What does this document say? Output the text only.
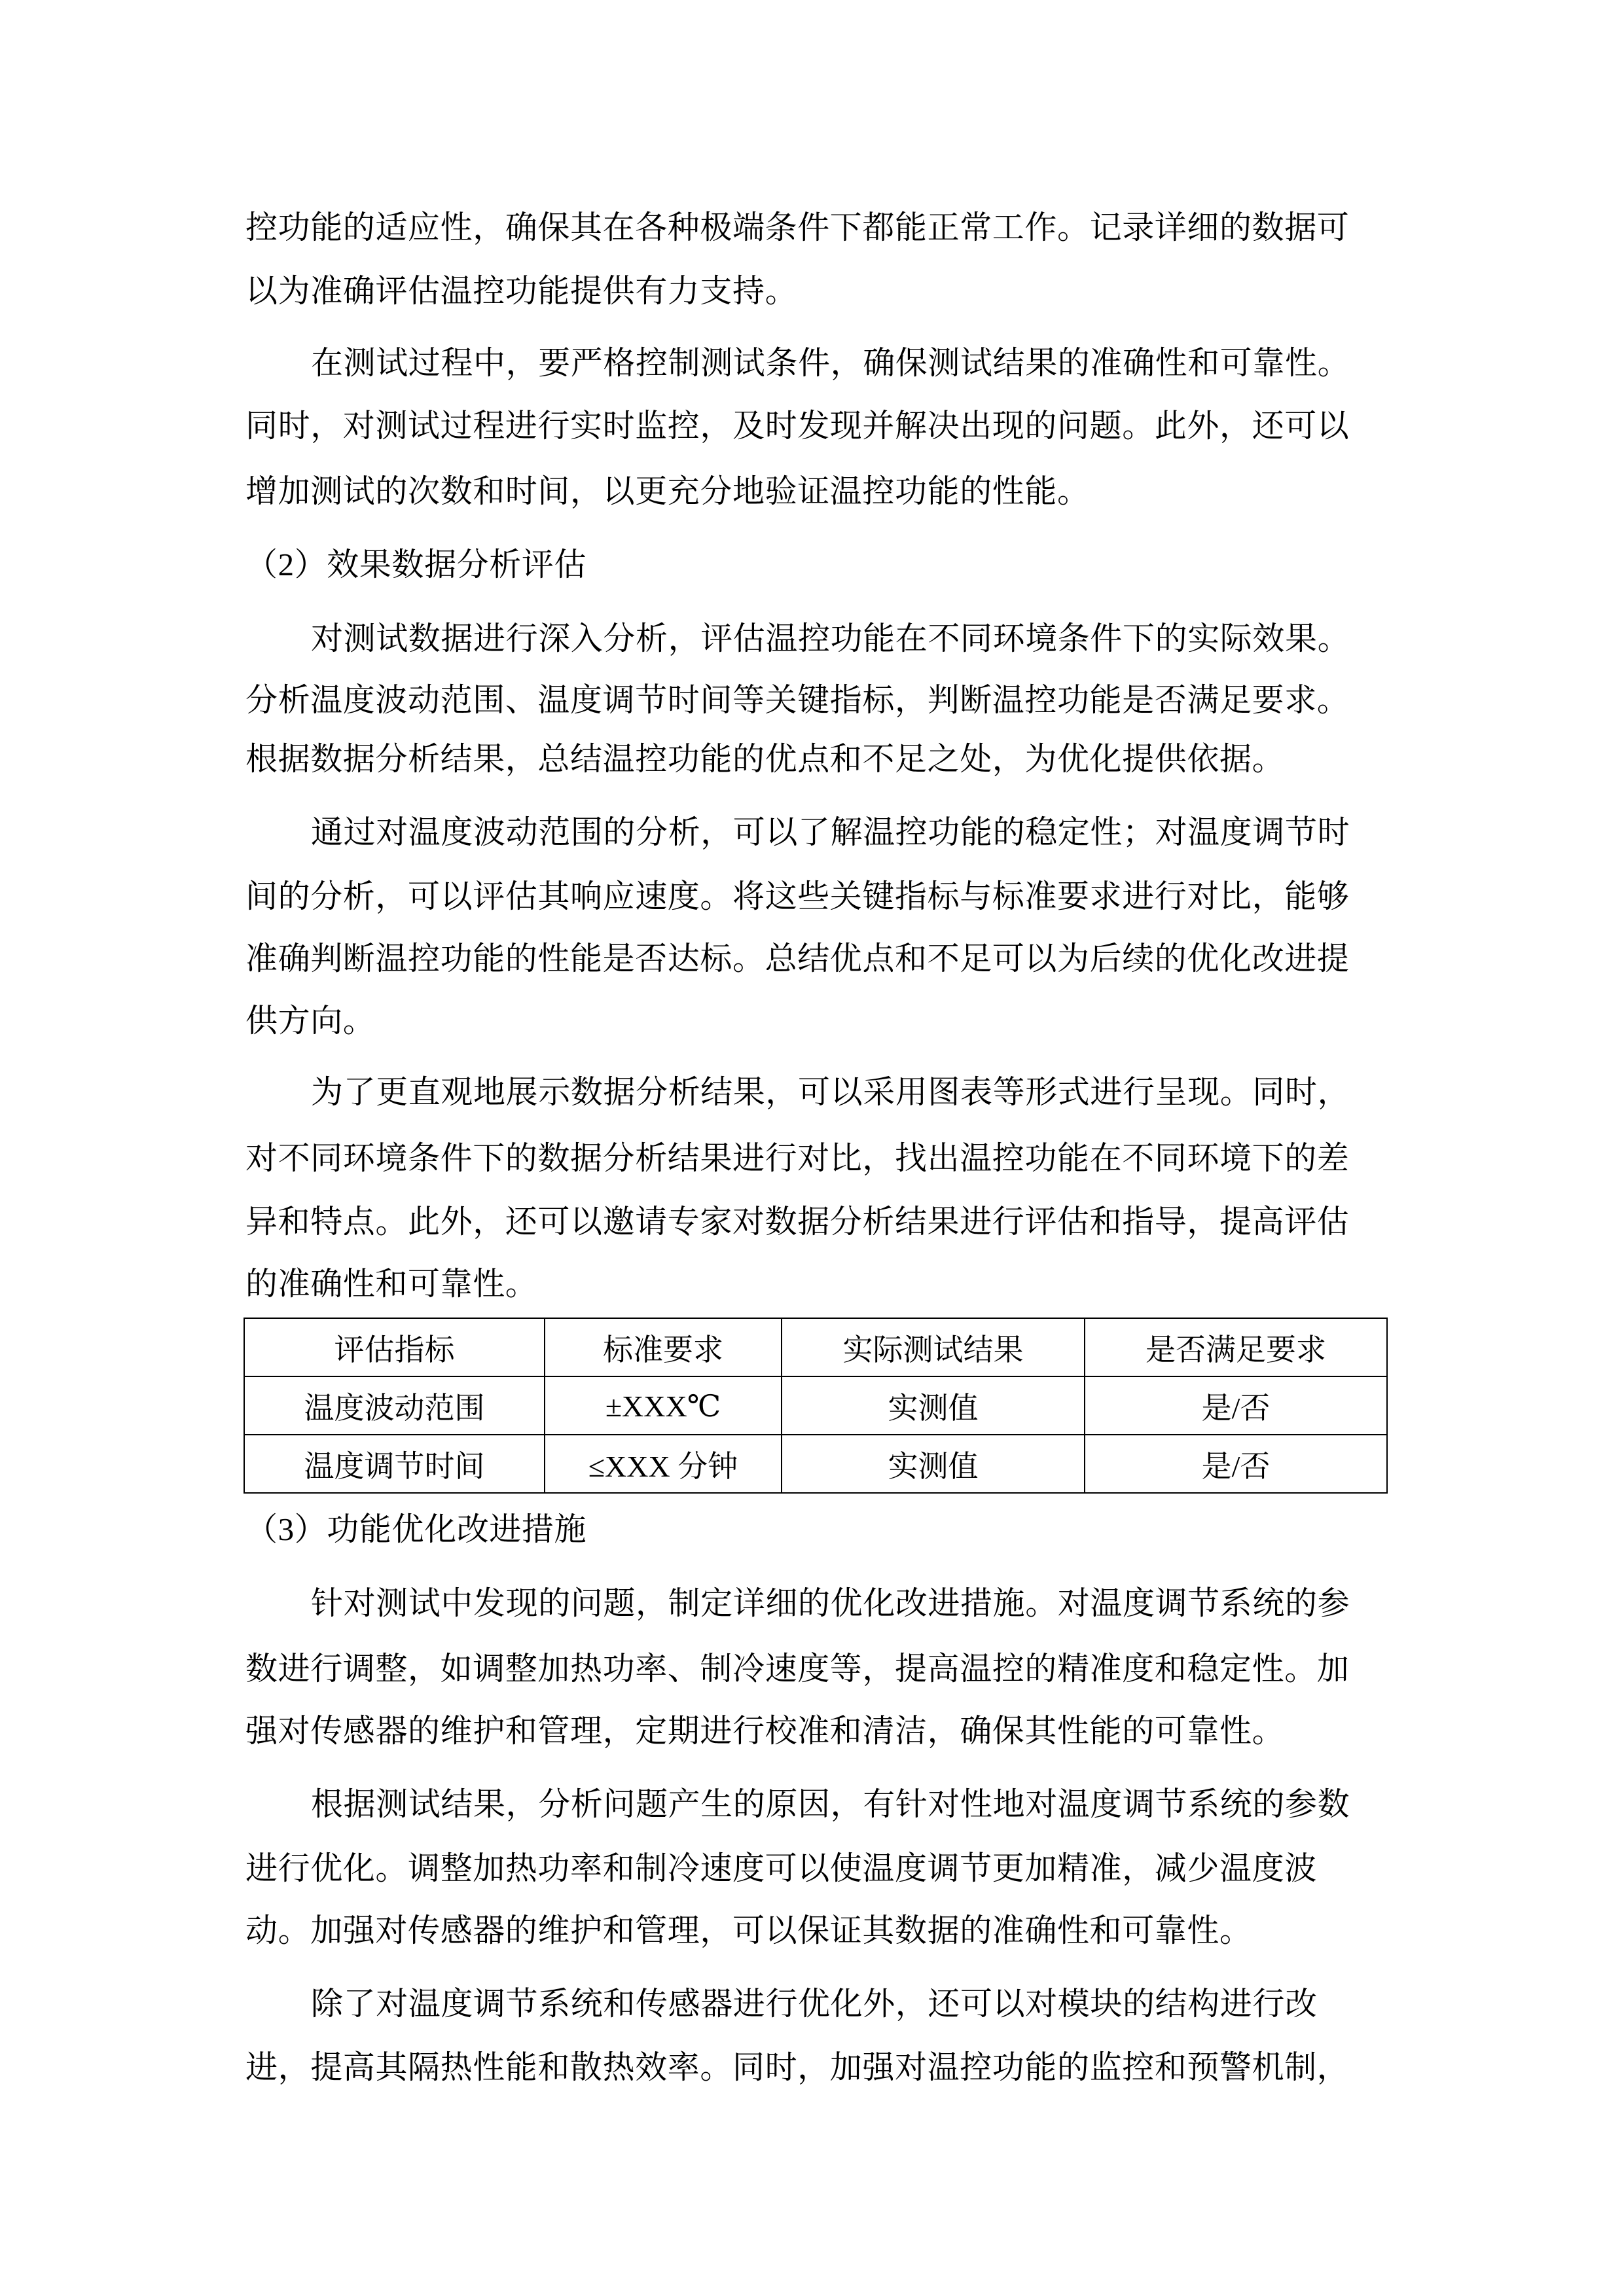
控功能的适应性，确保其在各种极端条件下都能正常工作。记录详细的数据可
以为准确评估温控功能提供有力支持。
在测试过程中，要严格控制测试条件，确保测试结果的准确性和可靠性。
同时，对测试过程进行实时监控，及时发现并解决出现的问题。此外，还可以
增加测试的次数和时间，以更充分地验证温控功能的性能。
（2）效果数据分析评估
对测试数据进行深入分析，评估温控功能在不同环境条件下的实际效果。
分析温度波动范围、温度调节时间等关键指标，判断温控功能是否满足要求。
根据数据分析结果，总结温控功能的优点和不足之处，为优化提供依据。
通过对温度波动范围的分析，可以了解温控功能的稳定性；对温度调节时
间的分析，可以评估其响应速度。将这些关键指标与标准要求进行对比，能够
准确判断温控功能的性能是否达标。总结优点和不足可以为后续的优化改进提
供方向。
为了更直观地展示数据分析结果，可以采用图表等形式进行呈现。同时，
对不同环境条件下的数据分析结果进行对比，找出温控功能在不同环境下的差
异和特点。此外，还可以邀请专家对数据分析结果进行评估和指导，提高评估
的准确性和可靠性。
评估指标	标准要求	实际测试结果	是否满足要求
温度波动范围	±XXX℃	实测值	是/否
温度调节时间	≤XXX 分钟	实测值	是/否
（3）功能优化改进措施
针对测试中发现的问题，制定详细的优化改进措施。对温度调节系统的参
数进行调整，如调整加热功率、制冷速度等，提高温控的精准度和稳定性。加
强对传感器的维护和管理，定期进行校准和清洁，确保其性能的可靠性。
根据测试结果，分析问题产生的原因，有针对性地对温度调节系统的参数
进行优化。调整加热功率和制冷速度可以使温度调节更加精准，减少温度波
动。加强对传感器的维护和管理，可以保证其数据的准确性和可靠性。
除了对温度调节系统和传感器进行优化外，还可以对模块的结构进行改
进，提高其隔热性能和散热效率。同时，加强对温控功能的监控和预警机制，
